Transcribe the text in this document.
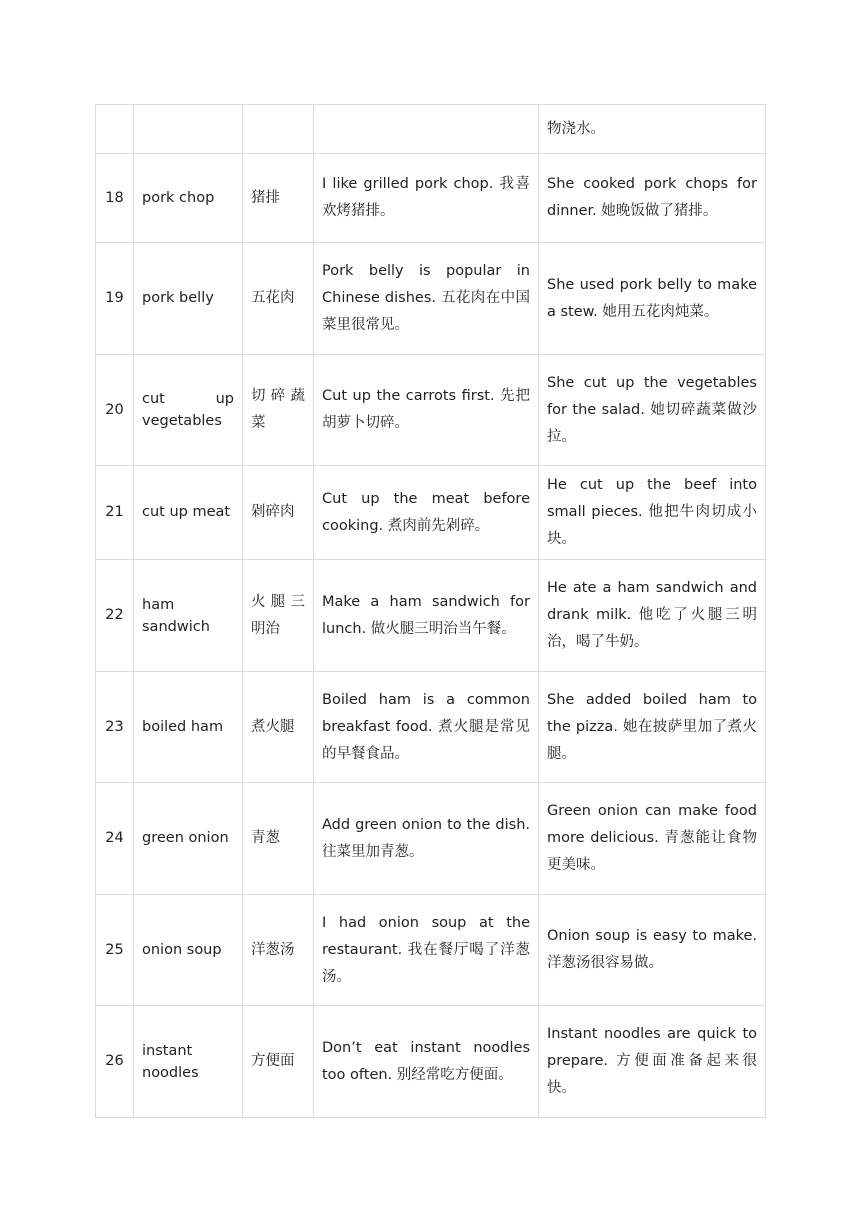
				物浇水。
18	pork chop	猪排	I like grilled pork chop. 我喜欢烤猪排。	She cooked pork chops for dinner. 她晚饭做了猪排。
19	pork belly	五花肉	Pork belly is popular in Chinese dishes. 五花肉在中国菜里很常见。	She used pork belly to make a stew. 她用五花肉炖菜。
20	cut up vegetables	切碎蔬菜	Cut up the carrots first. 先把胡萝卜切碎。	She cut up the vegetables for the salad. 她切碎蔬菜做沙拉。
21	cut up meat	剁碎肉	Cut up the meat before cooking. 煮肉前先剁碎。	He cut up the beef into small pieces. 他把牛肉切成小块。
22	ham sandwich	火腿三明治	Make a ham sandwich for lunch. 做火腿三明治当午餐。	He ate a ham sandwich and drank milk. 他吃了火腿三明治，喝了牛奶。
23	boiled ham	煮火腿	Boiled ham is a common breakfast food. 煮火腿是常见的早餐食品。	She added boiled ham to the pizza. 她在披萨里加了煮火腿。
24	green onion	青葱	Add green onion to the dish. 往菜里加青葱。	Green onion can make food more delicious. 青葱能让食物更美味。
25	onion soup	洋葱汤	I had onion soup at the restaurant. 我在餐厅喝了洋葱汤。	Onion soup is easy to make. 洋葱汤很容易做。
26	instant noodles	方便面	Don’t eat instant noodles too often. 别经常吃方便面。	Instant noodles are quick to prepare. 方便面准备起来很快。
